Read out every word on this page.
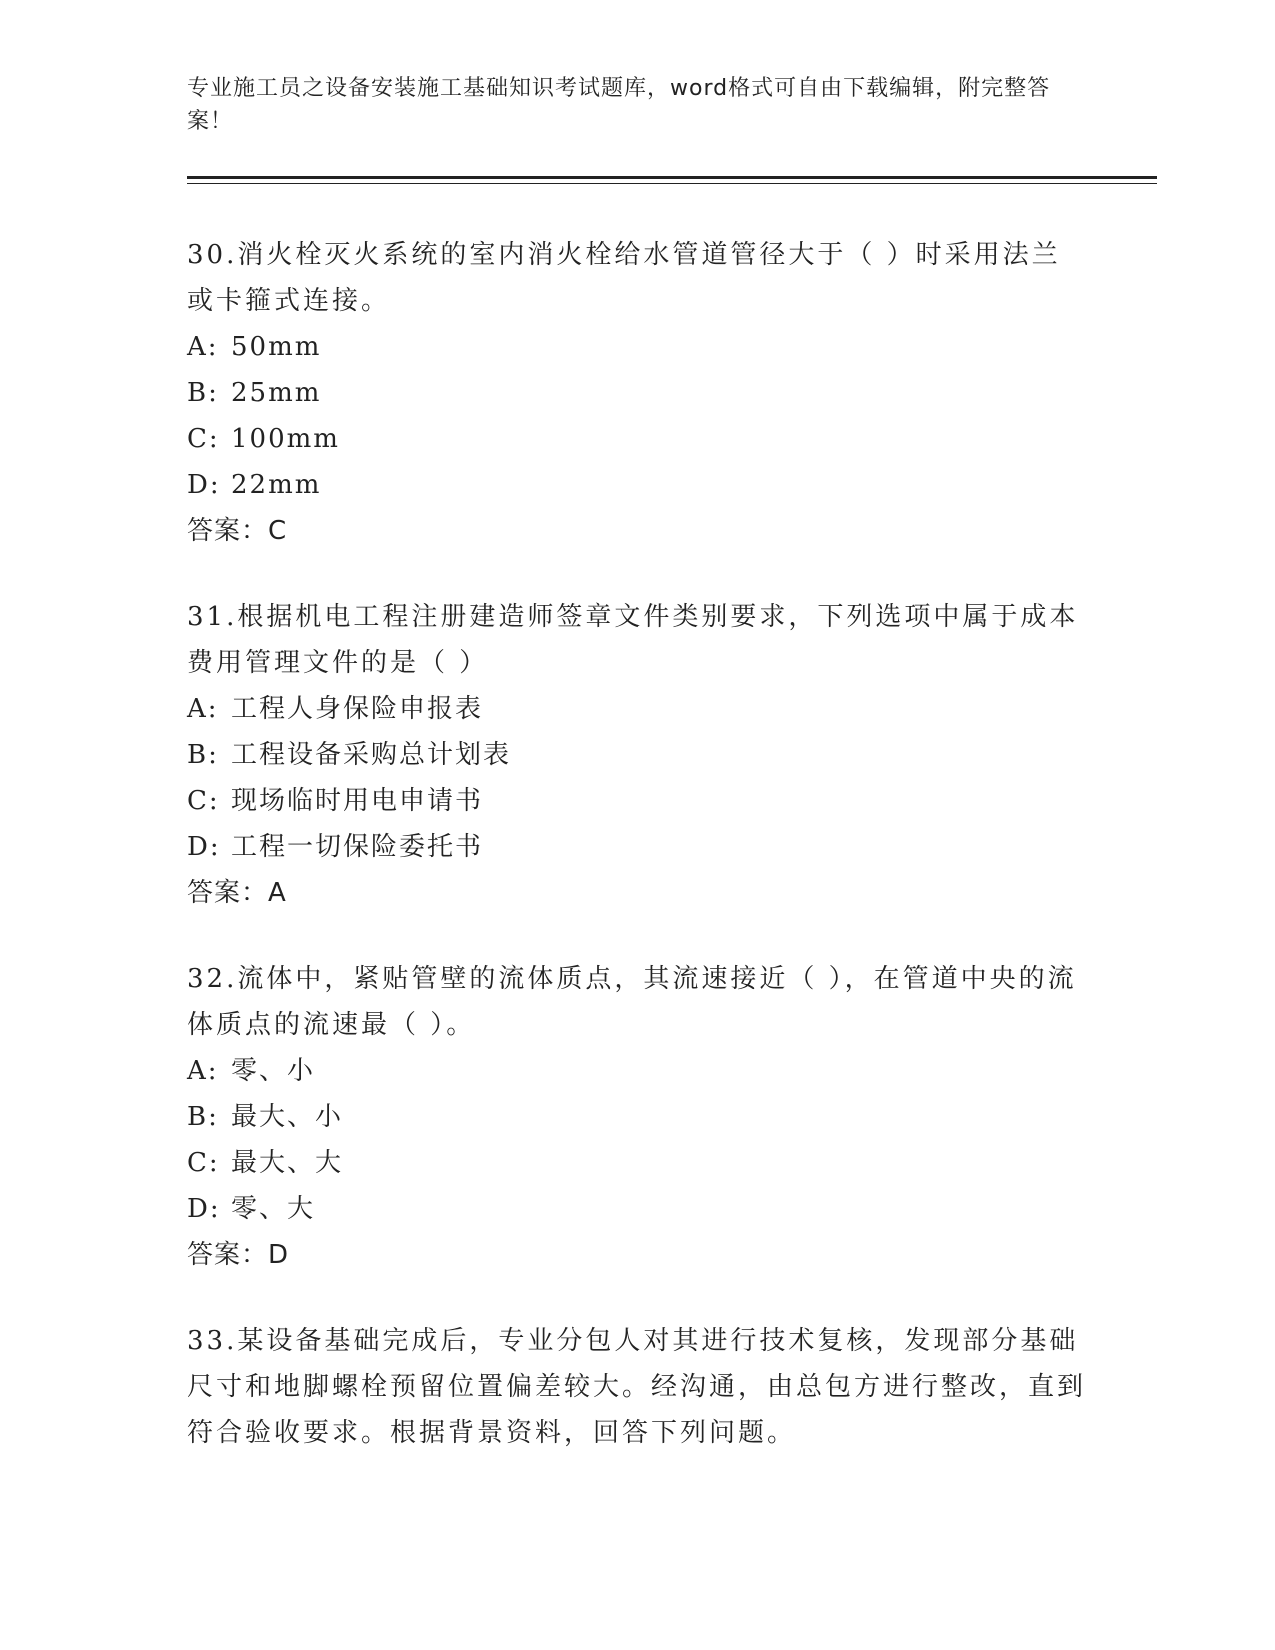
专业施工员之设备安装施工基础知识考试题库，word格式可自由下载编辑，附完整答案！

30.消火栓灭火系统的室内消火栓给水管道管径大于（ ）时采用法兰或卡箍式连接。

A: 50mm

B: 25mm

C: 100mm

D: 22mm

答案：C

31.根据机电工程注册建造师签章文件类别要求，下列选项中属于成本费用管理文件的是（ ）

A: 工程人身保险申报表

B: 工程设备采购总计划表

C: 现场临时用电申请书

D: 工程一切保险委托书

答案：A

32.流体中，紧贴管壁的流体质点，其流速接近（ ），在管道中央的流体质点的流速最（ ）。

A: 零、小

B: 最大、小

C: 最大、大

D: 零、大

答案：D

33.某设备基础完成后，专业分包人对其进行技术复核，发现部分基础尺寸和地脚螺栓预留位置偏差较大。经沟通，由总包方进行整改，直到符合验收要求。根据背景资料，回答下列问题。
